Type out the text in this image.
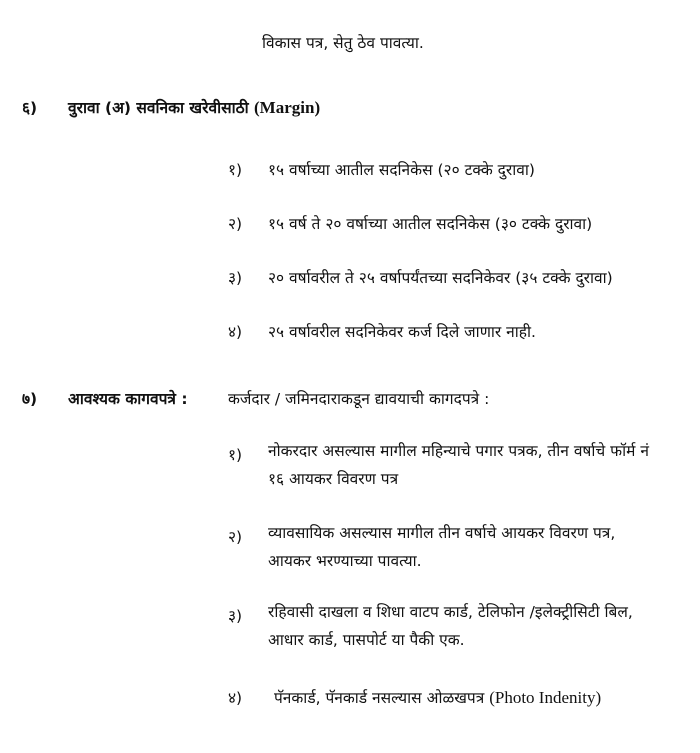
विकास पत्र, सेतु ठेव पावत्या.
६) वुरावा (अ) सवनिका खरेवीसाठी (Margin)
१) १५ वर्षाच्या आतील सदनिकेस (२० टक्के दुरावा)
२) १५ वर्ष ते २० वर्षाच्या आतील सदनिकेस (३० टक्के दुरावा)
३) २० वर्षावरील ते २५ वर्षापर्यंतच्या सदनिकेवर (३५ टक्के दुरावा)
४) २५ वर्षावरील सदनिकेवर कर्ज दिले जाणार नाही.
७) आवश्यक कागवपत्रे :	कर्जदार / जमिनदाराकडून द्यावयाची कागदपत्रे :
१) नोकरदार असल्यास मागील महिन्याचे पगार पत्रक, तीन वर्षाचे फॉर्म नं
१६ आयकर विवरण पत्र
२) व्यावसायिक असल्यास मागील तीन वर्षाचे आयकर विवरण पत्र,
आयकर भरण्याच्या पावत्या.
३) रहिवासी दाखला व शिधा वाटप कार्ड, टेलिफोन /इलेक्ट्रीसिटी बिल,
आधार कार्ड, पासपोर्ट या पैकी एक.
४) पॅनकार्ड, पॅनकार्ड नसल्यास ओळखपत्र (Photo Indenity)
